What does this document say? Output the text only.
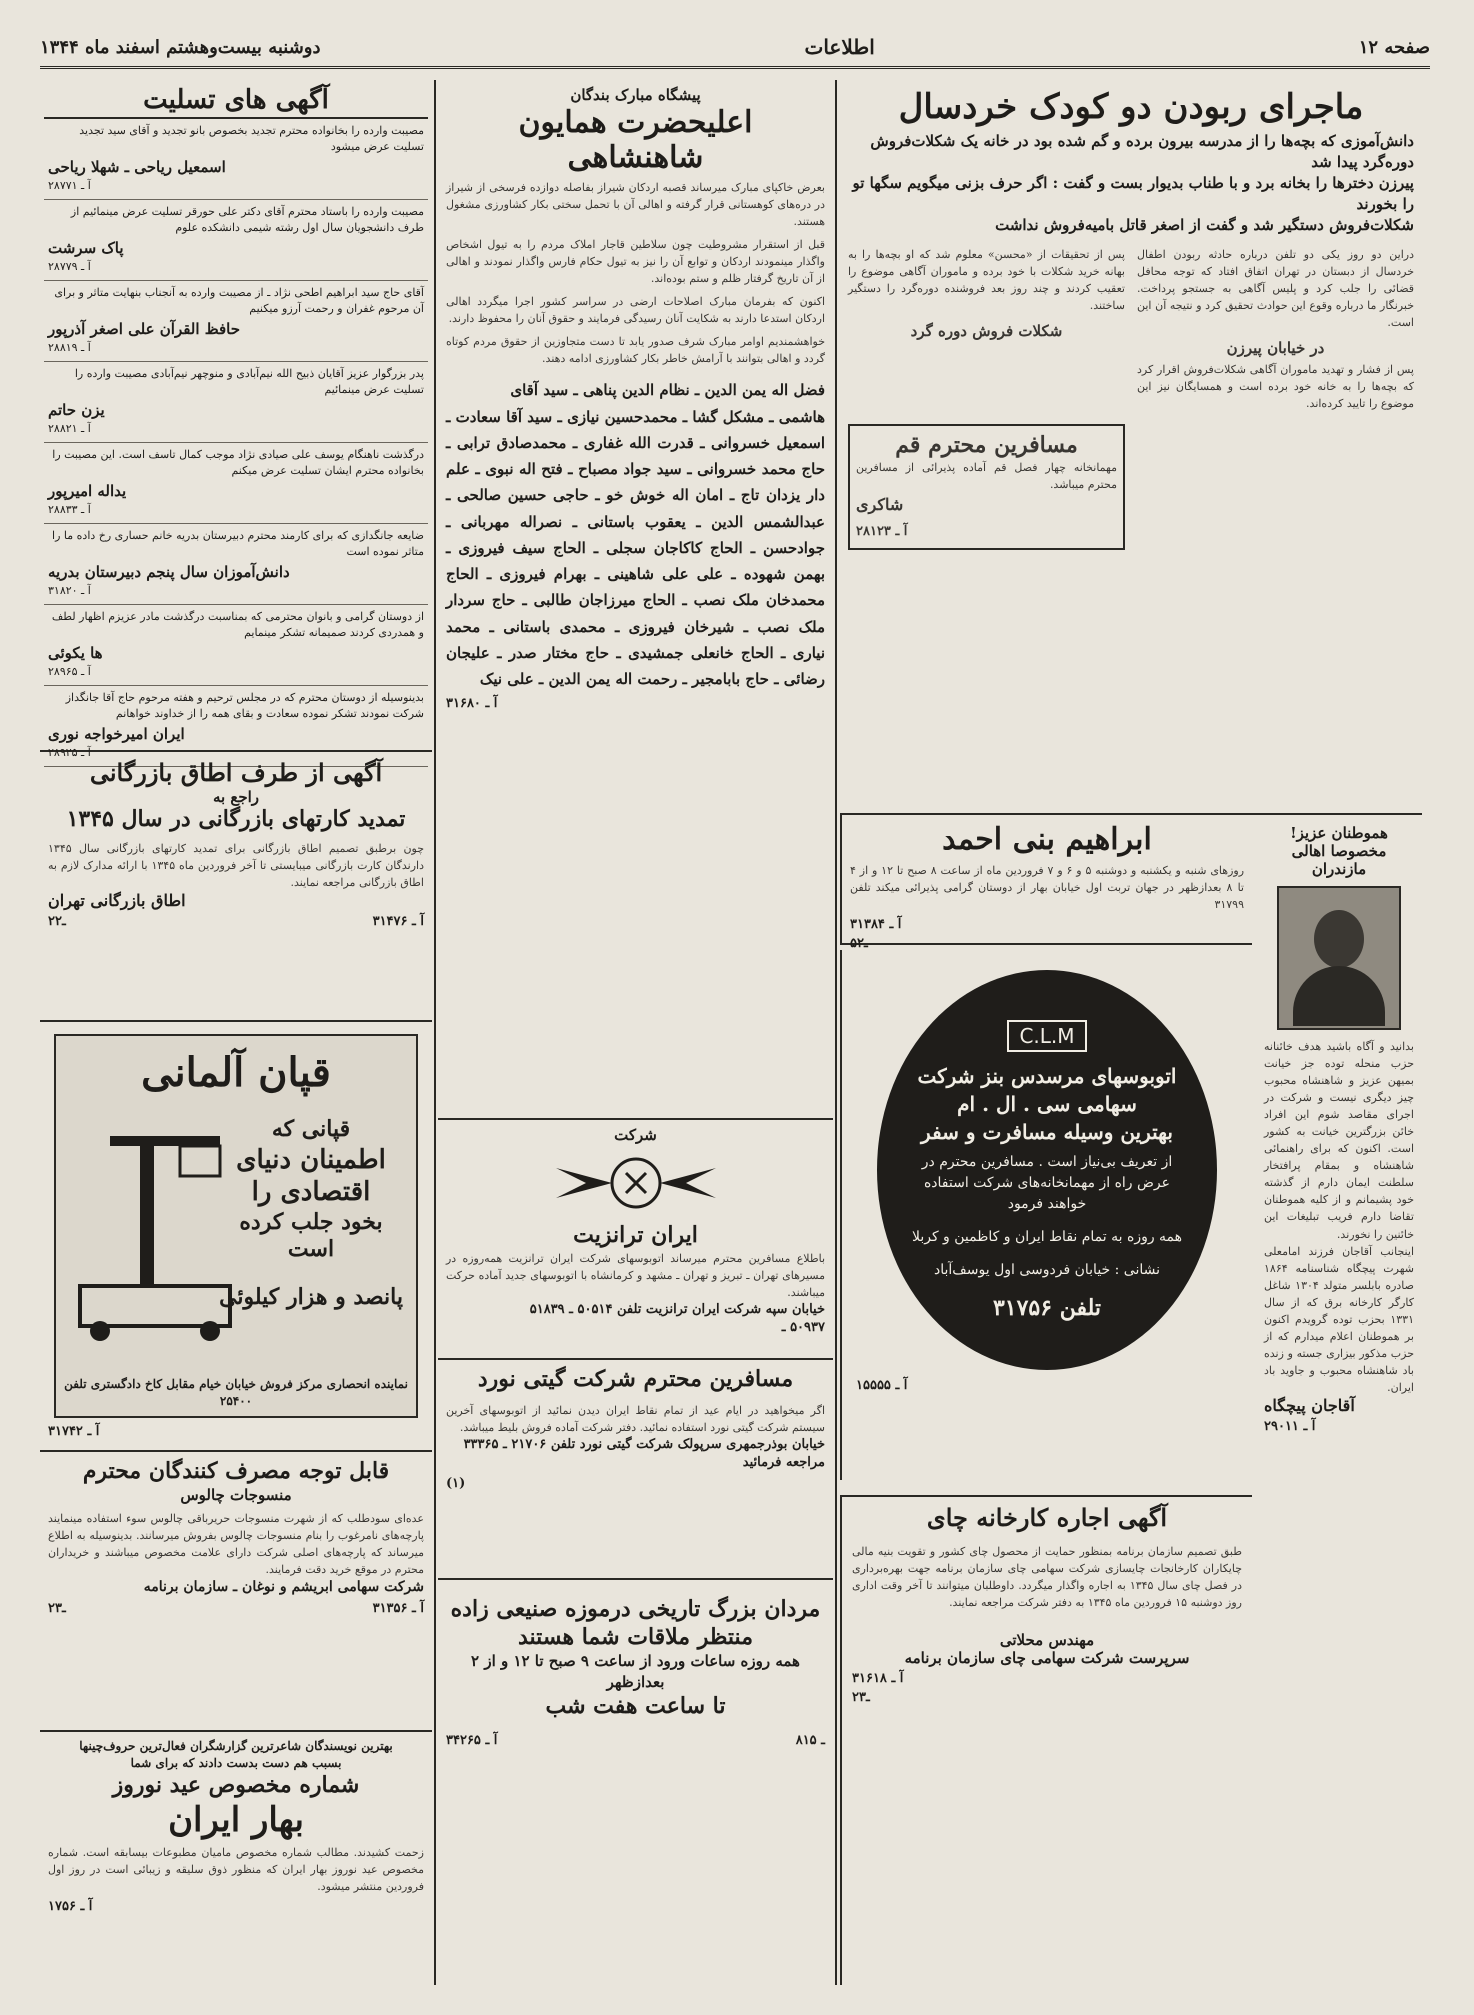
صفحه ۱۲
اطلاعات
دوشنبه بیست‌وهشتم اسفند ماه ۱۳۴۴
ماجرای ربودن دو کودک خردسال
دانش‌آموزی که بچه‌ها را از مدرسه بیرون برده و گم شده بود در خانه یک شکلات‌فروش دوره‌گرد پیدا شد
پیرزن دختر‌ها را بخانه برد و با طناب بدیوار بست و گفت : اگر حرف بزنی میگویم سگها تو را بخورند
شکلات‌فروش دستگیر شد و گفت از اصغر قاتل بامیه‌فروش نداشت
دراین دو روز یکی دو تلفن درباره حادثه ربودن اطفال خردسال از دبستان در تهران اتفاق افتاد که توجه محافل قضائی را جلب کرد و پلیس آگاهی به جستجو پرداخت. خبرنگار ما درباره وقوع این حوادث تحقیق کرد و نتیجه آن این است.
در خیابان پیرزن
پس از فشار و تهدید ماموران آگاهی شکلات‌فروش اقرار کرد که بچه‌ها را به خانه خود برده است و همسایگان نیز این موضوع را تایید کرده‌اند.
پس از تحقیقات از «محسن» معلوم شد که او بچه‌ها را به بهانه خرید شکلات با خود برده و ماموران آگاهی موضوع را تعقیب کردند و چند روز بعد فروشنده دوره‌گرد را دستگیر ساختند.
شکلات فروش دوره گرد
مسافرین محترم قم
مهمانخانه چهار فصل قم آماده پذیرائی از مسافرین محترم میباشد.
شاکری
آ ـ ۲۸۱۲۳
ابراهیم بنی احمد
روزهای شنبه و یکشنبه و دوشنبه ۵ و ۶ و ۷ فروردین ماه از ساعت ۸ صبح تا ۱۲ و از ۴ تا ۸ بعدازظهر در جهان‌ تربت اول خیابان بهار از دوستان گرامی پذیرائی میکند تلفن ۳۱۷۹۹
آ ـ ۳۱۳۸۴
۵ـ۲
هموطنان عزیز!
مخصوصا اهالی مازندران
بدانید و آگاه باشید هدف خائنانه حزب منحله توده جز خیانت بمیهن عزیز و شاهنشاه محبوب چیز دیگری نیست و شرکت در اجرای مقاصد شوم این افراد خائن بزرگترین خیانت به کشور است. اکنون که برای راهنمائی شاهنشاه و بمقام پرافتخار سلطنت ایمان دارم از گذشته خود پشیمانم و از کلیه هموطنان تقاضا دارم فریب تبلیغات این خائنین را نخورند.
اینجانب آقاجان فرزند امامعلی شهرت پیچگاه شناسنامه ۱۸۶۴ صادره بابلسر متولد ۱۳۰۴ شاغل کارگر کارخانه برق که از سال ۱۳۳۱ بحزب توده گرویدم اکنون بر هموطنان اعلام میدارم که از حزب مذکور بیزاری جسته و زنده باد شاهنشاه محبوب و جاوید باد ایران.
آقاجان پیچگاه
آ ـ ۲۹۰۱۱
C.L.M
اتوبوسهای مرسدس بنز شرکت سهامی سی . ال . ام
بهترین وسیله مسافرت و سفر
از تعریف بی‌نیاز است . مسافرین محترم در عرض راه از مهمانخانه‌های شرکت استفاده خواهند فرمود
همه روزه به تمام نقاط ایران و کاظمین و کربلا
نشانی : خیابان فردوسی اول یوسف‌آباد
تلفن ۳۱۷۵۶
آ ـ ۱۵۵۵۵
آگهی اجاره کارخانه چای
طبق تصمیم سازمان برنامه بمنظور حمایت از محصول چای کشور و تقویت بنیه مالی چایکاران کارخانجات چایسازی شرکت سهامی چای سازمان برنامه جهت بهره‌برداری در فصل چای سال ۱۳۴۵ به اجاره واگذار میگردد. داوطلبان میتوانند تا آخر وقت اداری روز دوشنبه ۱۵ فروردین ماه ۱۳۴۵ به دفتر شرکت مراجعه نمایند.
مهندس محلاتی
سرپرست شرکت سهامی چای سازمان برنامه
آ ـ ۳۱۶۱۸
۲ـ۳
پیشگاه مبارک بندگان
اعلیحضرت همایون شاهنشاهی
بعرض خاکپای مبارک میرساند قصبه اردکان شیراز بفاصله دوازده فرسخی از شیراز در دره‌های کوهستانی قرار گرفته و اهالی آن با تحمل سختی بکار کشاورزی مشغول هستند.
قبل از استقرار مشروطیت چون سلاطین قاجار املاک مردم را به تیول اشخاص واگذار مینمودند اردکان و توابع آن را نیز به تیول حکام فارس واگذار نمودند و اهالی از آن تاریخ گرفتار ظلم و ستم بوده‌اند.
اکنون که بفرمان مبارک اصلاحات ارضی در سراسر کشور اجرا میگردد اهالی اردکان استدعا دارند به شکایت آنان رسیدگی فرمایند و حقوق آنان را محفوظ دارند.
خواهشمندیم اوامر مبارک شرف صدور یابد تا دست متجاوزین از حقوق مردم کوتاه گردد و اهالی بتوانند با آرامش خاطر بکار کشاورزی ادامه دهند.
فضل اله یمن الدین ـ نظام الدین پناهی ـ سید آقای
هاشمی ـ مشکل گشا ـ محمدحسین نیازی ـ سید آقا سعادت ـ اسمعیل خسروانی ـ قدرت الله غفاری ـ محمدصادق ترابی ـ حاج محمد خسروانی ـ سید جواد مصباح ـ فتح اله نبوی ـ علم دار یزدان تاج ـ امان اله خوش خو ـ حاجی حسین صالحی ـ عبدالشمس الدین ـ یعقوب باستانی ـ نصراله مهربانی ـ جوادحسن ـ الحاج کاکاجان سجلی ـ الحاج سیف فیروزی ـ بهمن شهوده ـ علی علی شاهینی ـ بهرام فیروزی ـ الحاج محمدخان ملک نصب ـ الحاج میرزاجان طالبی ـ حاج سردار ملک نصب ـ شیرخان فیروزی ـ محمدی باستانی ـ محمد نیاری ـ الحاج خانعلی جمشیدی ـ حاج مختار صدر ـ علیجان رضائی ـ حاج بابامجیر ـ رحمت اله یمن الدین ـ علی نیک
آ ـ ۳۱۶۸۰
شرکت
ایران ترانزیت
باطلاع مسافرین محترم میرساند اتوبوسهای شرکت ایران ترانزیت همه‌روزه در مسیرهای تهران ـ تبریز و تهران ـ مشهد و کرمانشاه با اتوبوسهای جدید آماده حرکت میباشند.
خیابان سپه شرکت ایران ترانزیت تلفن ۵۰۵۱۴ ـ ۵۱۸۳۹
۵۰۹۳۷ ـ
مسافرین محترم شرکت گیتی نورد
اگر میخواهید در ایام عید از تمام نقاط ایران دیدن نمائید از اتوبوسهای آخرین سیستم شرکت گیتی نورد استفاده نمائید. دفتر شرکت آماده فروش بلیط میباشد.
خیابان بوذرجمهری سرپولک شرکت گیتی نورد تلفن ۲۱۷۰۶ ـ ۳۳۳۶۵ مراجعه فرمائید
(۱)
مردان بزرگ تاریخی درموزه صنیعی زاده
منتظر ملاقات شما هستند
همه روزه ساعات ورود از ساعت ۹ صبح تا ۱۲ و از ۲ بعدازظهر
تا ساعت هفت شب
۸ـ ۱۵
آ ـ ۳۴۲۶۵
آگهی های تسلیت
مصیبت وارده را بخانواده محترم تجدید بخصوص بانو تجدید و آقای سید تجدید تسلیت عرض میشود
اسمعیل ریاحی ـ شهلا ریاحی
آ ـ ۲۸۷۷۱
مصیبت وارده را باستاد محترم آقای دکتر علی حورقر تسلیت عرض مینمائیم از طرف دانشجویان سال اول رشته شیمی دانشکده علوم
پاک سرشت
آ ـ ۲۸۷۷۹
آقای حاج سید ابراهیم اطحی نژاد ـ از مصیبت وارده به آنجناب بنهایت متاثر و برای آن مرحوم غفران و رحمت آرزو میکنیم
حافظ القرآن علی اصغر آذرپور
آ ـ ۲۸۸۱۹
پدر بزرگوار عزیز آقایان ذبیح الله نیم‌آبادی و منوچهر نیم‌آبادی مصیبت وارده را تسلیت عرض مینمائیم
یزن حاتم
آ ـ ۲۸۸۲۱
درگذشت ناهنگام یوسف علی صیادی نژاد موجب کمال تاسف است. این مصیبت را بخانواده محترم ایشان تسلیت عرض میکنم
یداله امیرپور
آ ـ ۲۸۸۳۳
ضایعه جانگدازی که برای کارمند محترم دبیرستان بدریه خانم حساری رخ داده ما را متاثر نموده است
دانش‌آموزان سال پنجم دبیرستان بدریه
آ ـ ۳۱۸۲۰
از دوستان گرامی و بانوان محترمی که بمناسبت درگذشت مادر عزیزم اظهار لطف و همدردی کردند صمیمانه تشکر مینمایم
ها یکوئی
آ ـ ۲۸۹۶۵
بدینوسیله از دوستان محترم که در مجلس ترحیم و هفته مرحوم حاج آقا جانگداز شرکت نمودند تشکر نموده سعادت و بقای همه را از خداوند خواهانم
ایران امیرخواجه نوری
آ ـ ۲۸۹۲۵
آگهی از طرف اطاق بازرگانی
راجع به
تمدید کارتهای بازرگانی در سال ۱۳۴۵
چون برطبق تصمیم اطاق بازرگانی برای تمدید کارتهای بازرگانی سال ۱۳۴۵ دارندگان کارت بازرگانی میبایستی تا آخر فروردین ماه ۱۳۴۵ با ارائه مدارک لازم به اطاق بازرگانی مراجعه نمایند.
اطاق بازرگانی تهران
آ ـ ۳۱۴۷۶
۲ـ۲
قپان آلمانی
قپانی که
اطمینان دنیای اقتصادی را
بخود جلب کرده است
پانصد و هزار کیلوئی
نماینده انحصاری مرکز فروش خیابان خیام مقابل کاخ دادگستری تلفن ۲۵۴۰۰
آ ـ ۳۱۷۴۲
قابل توجه مصرف کنندگان محترم
منسوجات چالوس
عده‌ای سودطلب که از شهرت منسوجات حریرباقی چالوس سوء استفاده مینمایند پارچه‌های نامرغوب را بنام منسوجات چالوس بفروش میرسانند. بدینوسیله به اطلاع میرساند که پارچه‌های اصلی شرکت دارای علامت مخصوص میباشند و خریداران محترم در موقع خرید دقت فرمایند.
شرکت سهامی ابریشم و نوغان ـ سازمان برنامه
آ ـ ۳۱۳۵۶
۲ـ۳
بهترین نویسندگان شاعرترین گزارشگران فعال‌ترین حروف‌چینها
بسبب هم دست بدست دادند که برای شما
شماره مخصوص عید نوروز
بهار ایران
زحمت کشیدند. مطالب شماره مخصوص مامیان مطبوعات بیسابقه است. شماره مخصوص عید نوروز بهار ایران که منظور ذوق سلیقه و زیبائی است در روز اول فروردین منتشر میشود.
آ ـ ۱۷۵۶
